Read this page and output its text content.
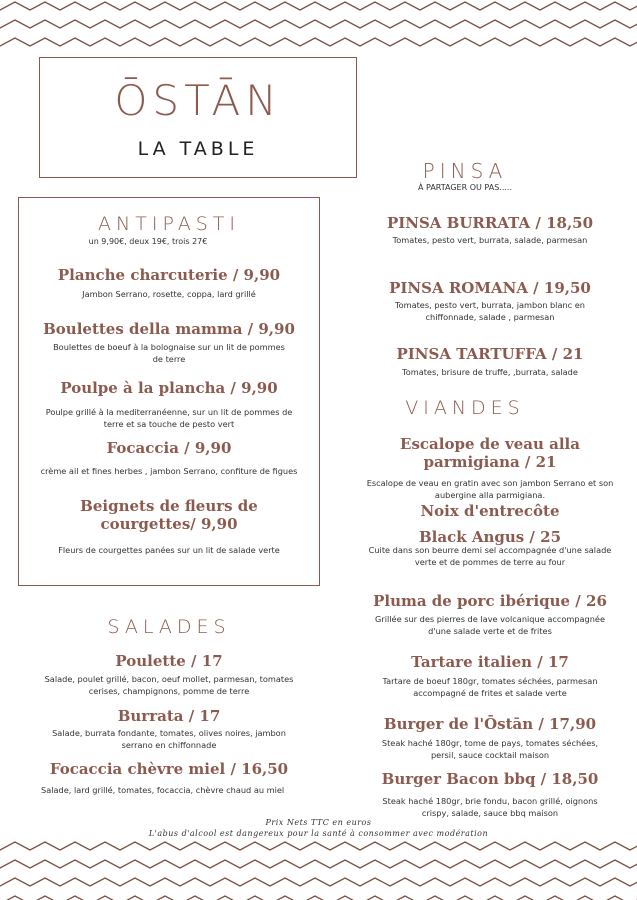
ŌSTĀN
LA TABLE
ANTIPASTI
un 9,90€, deux 19€, trois 27€
Planche charcuterie / 9,90
Jambon Serrano, rosette, coppa, lard grillé
Boulettes della mamma / 9,90
Boulettes de boeuf à la bolognaise sur un lit de pommes de terre
Poulpe à la plancha / 9,90
Poulpe grillé à la mediterranéenne, sur un lit de pommes de terre et sa touche de pesto vert
Focaccia / 9,90
crème ail et fines herbes , jambon Serrano, confiture de figues
Beignets de fleurs de courgettes/ 9,90
Fleurs de courgettes panées sur un lit de salade verte
SALADES
Poulette / 17
Salade, poulet grillé, bacon, oeuf mollet, parmesan, tomates cerises, champignons, pomme de terre
Burrata / 17
Salade, burrata fondante, tomates, olives noires, jambon serrano en chiffonnade
Focaccia chèvre miel / 16,50
Salade, lard grillé, tomates, focaccia, chèvre chaud au miel
PINSA
À PARTAGER OU PAS.....
PINSA BURRATA / 18,50
Tomates, pesto vert, burrata, salade, parmesan
PINSA ROMANA / 19,50
Tomates, pesto vert, burrata, jambon blanc en chiffonnade, salade , parmesan
PINSA TARTUFFA / 21
Tomates, brisure de truffe, ,burrata, salade
VIANDES
Escalope de veau alla parmigiana / 21
Escalope de veau en gratin avec son jambon Serrano et son aubergine alla parmigiana.
Noix d'entrecôte
Black Angus / 25
Cuite dans son beurre demi sel accompagnée d'une salade verte et de pommes de terre au four
Pluma de porc ibérique / 26
Grillée sur des pierres de lave volcanique accompagnée d'une salade verte et de frites
Tartare italien / 17
Tartare de boeuf 180gr, tomates séchées, parmesan accompagné de frites et salade verte
Burger de l'Ōstān / 17,90
Steak haché 180gr, tome de pays, tomates séchées, persil, sauce cocktail maison
Burger Bacon bbq / 18,50
Steak haché 180gr, brie fondu, bacon grillé, oignons crispy, salade, sauce bbq maison
Prix Nets TTC en euros
L'abus d'alcool est dangereux pour la santé à consommer avec modération
